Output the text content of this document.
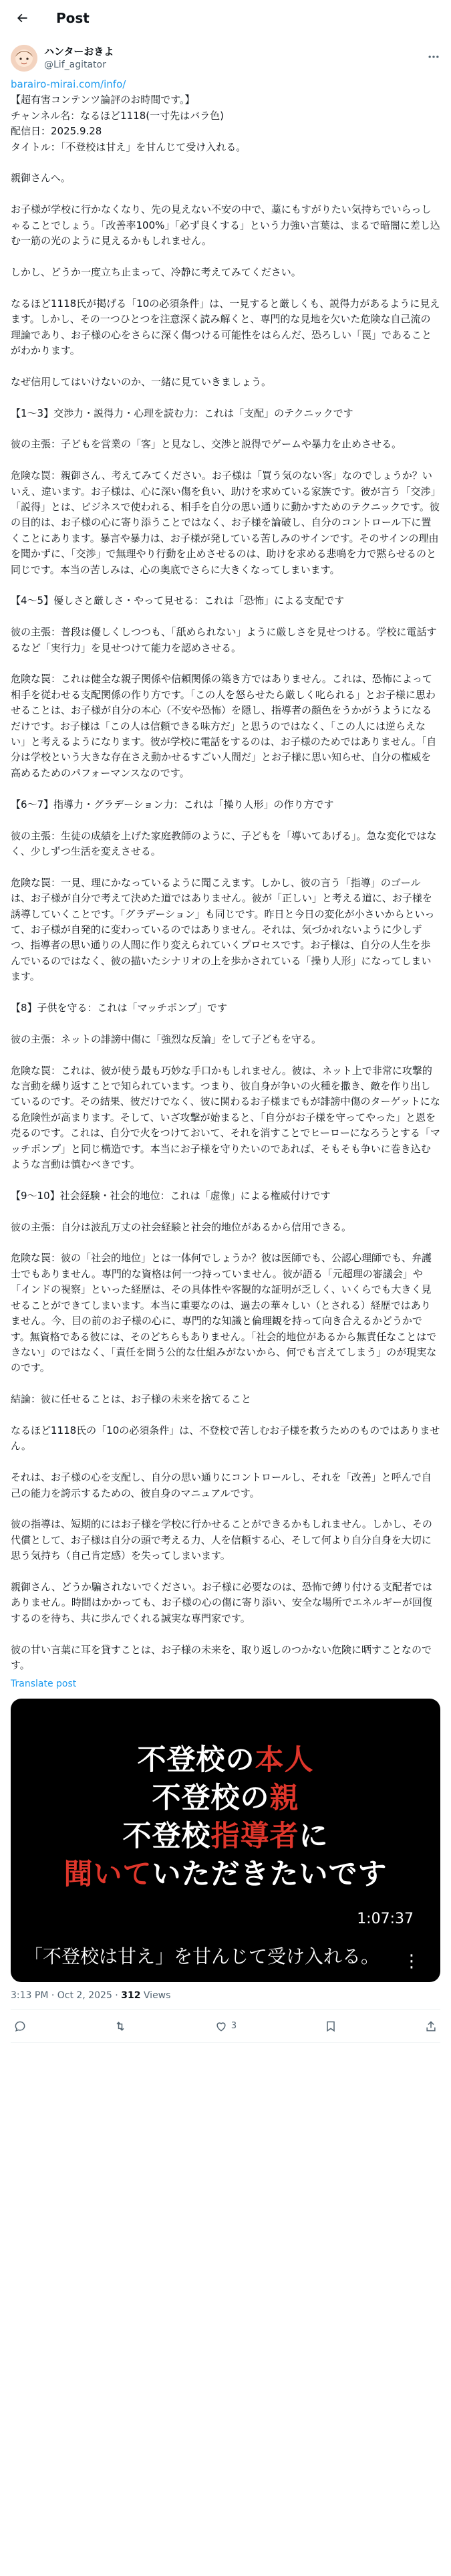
Post
ハンターおきよ
@Lif_agitator
barairo-mirai.com/info/

【超有害コンテンツ論評のお時間です。】
チャンネル名：なるほど1118(一寸先はバラ色)
配信日：2025.9.28
タイトル：「不登校は甘え」を甘んじて受け入れる。

親御さんへ。

お子様が学校に行かなくなり、先の見えない不安の中で、藁にもすがりたい気持ちでいらっしゃることでしょう。「改善率100%」「必ず良くする」という力強い言葉は、まるで暗闇に差し込む一筋の光のように見えるかもしれません。

しかし、どうか一度立ち止まって、冷静に考えてみてください。

なるほど1118氏が掲げる「10の必須条件」は、一見すると厳しくも、説得力があるように見えます。しかし、その一つひとつを注意深く読み解くと、専門的な見地を欠いた危険な自己流の理論であり、お子様の心をさらに深く傷つける可能性をはらんだ、恐ろしい「罠」であることがわかります。

なぜ信用してはいけないのか、一緒に見ていきましょう。

【1〜3】交渉力・説得力・心理を読む力：これは「支配」のテクニックです

彼の主張：子どもを営業の「客」と見なし、交渉と説得でゲームや暴力を止めさせる。

危険な罠：親御さん、考えてみてください。お子様は「買う気のない客」なのでしょうか？いいえ、違います。お子様は、心に深い傷を負い、助けを求めている家族です。彼が言う「交渉」「説得」とは、ビジネスで使われる、相手を自分の思い通りに動かすためのテクニックです。彼の目的は、お子様の心に寄り添うことではなく、お子様を論破し、自分のコントロール下に置くことにあります。暴言や暴力は、お子様が発している苦しみのサインです。そのサインの理由を聞かずに、「交渉」で無理やり行動を止めさせるのは、助けを求める悲鳴を力で黙らせるのと同じです。本当の苦しみは、心の奥底でさらに大きくなってしまいます。

【4〜5】優しさと厳しさ・やって見せる：これは「恐怖」による支配です

彼の主張：普段は優しくしつつも、「舐められない」ように厳しさを見せつける。学校に電話するなど「実行力」を見せつけて能力を認めさせる。

危険な罠：これは健全な親子関係や信頼関係の築き方ではありません。これは、恐怖によって相手を従わせる支配関係の作り方です。「この人を怒らせたら厳しく叱られる」とお子様に思わせることは、お子様が自分の本心（不安や恐怖）を隠し、指導者の顔色をうかがうようになるだけです。お子様は「この人は信頼できる味方だ」と思うのではなく、「この人には逆らえない」と考えるようになります。彼が学校に電話をするのは、お子様のためではありません。「自分は学校という大きな存在さえ動かせるすごい人間だ」とお子様に思い知らせ、自分の権威を高めるためのパフォーマンスなのです。

【6〜7】指導力・グラデーション力：これは「操り人形」の作り方です

彼の主張：生徒の成績を上げた家庭教師のように、子どもを「導いてあげる」。急な変化ではなく、少しずつ生活を変えさせる。

危険な罠：一見、理にかなっているように聞こえます。しかし、彼の言う「指導」のゴールは、お子様が自分で考えて決めた道ではありません。彼が「正しい」と考える道に、お子様を誘導していくことです。「グラデーション」も同じです。昨日と今日の変化が小さいからといって、お子様が自発的に変わっているのではありません。それは、気づかれないように少しずつ、指導者の思い通りの人間に作り変えられていくプロセスです。お子様は、自分の人生を歩んでいるのではなく、彼の描いたシナリオの上を歩かされている「操り人形」になってしまいます。

【8】子供を守る：これは「マッチポンプ」です

彼の主張：ネットの誹謗中傷に「強烈な反論」をして子どもを守る。

危険な罠：これは、彼が使う最も巧妙な手口かもしれません。彼は、ネット上で非常に攻撃的な言動を繰り返すことで知られています。つまり、彼自身が争いの火種を撒き、敵を作り出しているのです。その結果、彼だけでなく、彼に関わるお子様までもが誹謗中傷のターゲットになる危険性が高まります。そして、いざ攻撃が始まると、「自分がお子様を守ってやった」と恩を売るのです。これは、自分で火をつけておいて、それを消すことでヒーローになろうとする「マッチポンプ」と同じ構造です。本当にお子様を守りたいのであれば、そもそも争いに巻き込むような言動は慎むべきです。

【9〜10】社会経験・社会的地位：これは「虚像」による権威付けです

彼の主張：自分は波乱万丈の社会経験と社会的地位があるから信用できる。

危険な罠：彼の「社会的地位」とは一体何でしょうか？彼は医師でも、公認心理師でも、弁護士でもありません。専門的な資格は何一つ持っていません。彼が語る「元超理の審議会」や「インドの視察」といった経歴は、その具体性や客観的な証明が乏しく、いくらでも大きく見せることができてしまいます。本当に重要なのは、過去の華々しい（とされる）経歴ではありません。今、目の前のお子様の心に、専門的な知識と倫理観を持って向き合えるかどうかです。無資格である彼には、そのどちらもありません。「社会的地位があるから無責任なことはできない」のではなく、「責任を問う公的な仕組みがないから、何でも言えてしまう」のが現実なのです。

結論：彼に任せることは、お子様の未来を捨てること

なるほど1118氏の「10の必須条件」は、不登校で苦しむお子様を救うためのものではありません。

それは、お子様の心を支配し、自分の思い通りにコントロールし、それを「改善」と呼んで自己の能力を誇示するための、彼自身のマニュアルです。

彼の指導は、短期的にはお子様を学校に行かせることができるかもしれません。しかし、その代償として、お子様は自分の頭で考える力、人を信頼する心、そして何より自分自身を大切に思う気持ち（自己肯定感）を失ってしまいます。

親御さん、どうか騙されないでください。お子様に必要なのは、恐怖で縛り付ける支配者ではありません。時間はかかっても、お子様の心の傷に寄り添い、安全な場所でエネルギーが回復するのを待ち、共に歩んでくれる誠実な専門家です。

彼の甘い言葉に耳を貸すことは、お子様の未来を、取り返しのつかない危険に晒すことなのです。

Translate post
不登校の本人
不登校の親
不登校指導者に
聞いていただきたいです
1:07:37
「不登校は甘え」を甘んじて受け入れる。	⋮
3:13 PM · Oct 2, 2025 · 312 Views
3
